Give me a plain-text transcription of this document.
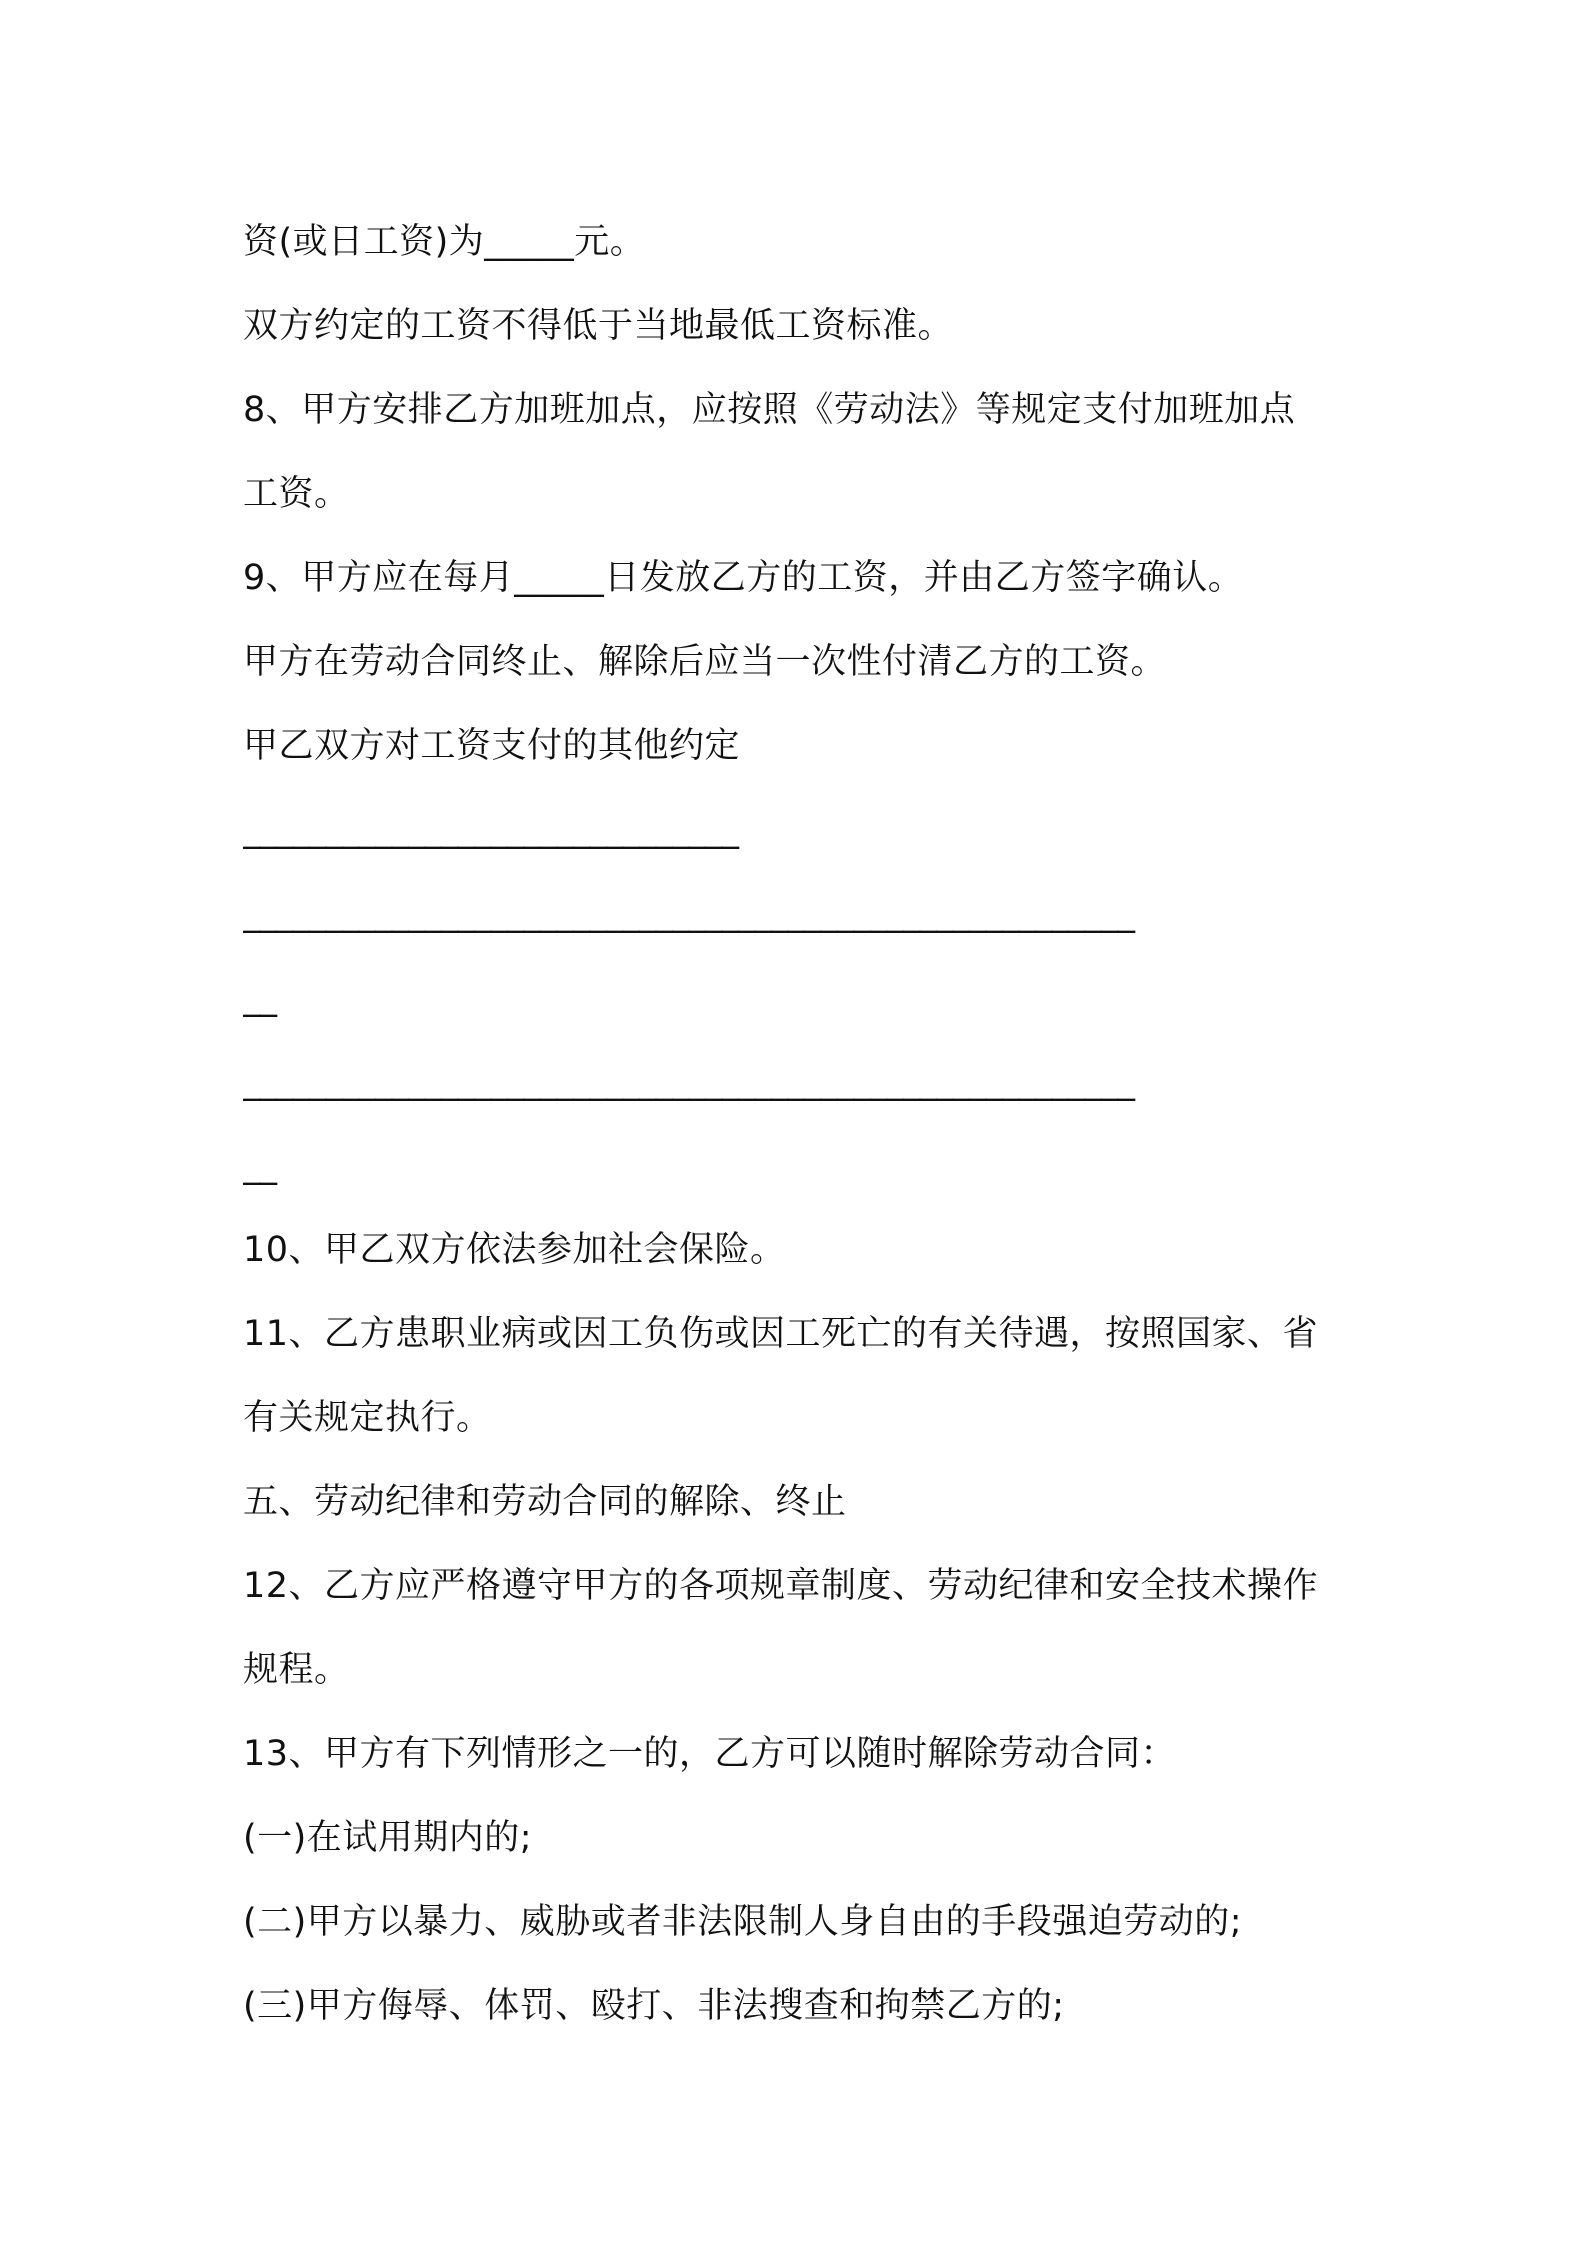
资(或日工资)为_____元。
双方约定的工资不得低于当地最低工资标准。
8、甲方安排乙方加班加点，应按照《劳动法》等规定支付加班加点
工资。
9、甲方应在每月_____日发放乙方的工资，并由乙方签字确认。
甲方在劳动合同终止、解除后应当一次性付清乙方的工资。
甲乙双方对工资支付的其他约定
______________________________
______________________________________________________
__
______________________________________________________
__
10、甲乙双方依法参加社会保险。
11、乙方患职业病或因工负伤或因工死亡的有关待遇，按照国家、省
有关规定执行。
五、劳动纪律和劳动合同的解除、终止
12、乙方应严格遵守甲方的各项规章制度、劳动纪律和安全技术操作
规程。
13、甲方有下列情形之一的，乙方可以随时解除劳动合同：
(一)在试用期内的;
(二)甲方以暴力、威胁或者非法限制人身自由的手段强迫劳动的;
(三)甲方侮辱、体罚、殴打、非法搜查和拘禁乙方的;
